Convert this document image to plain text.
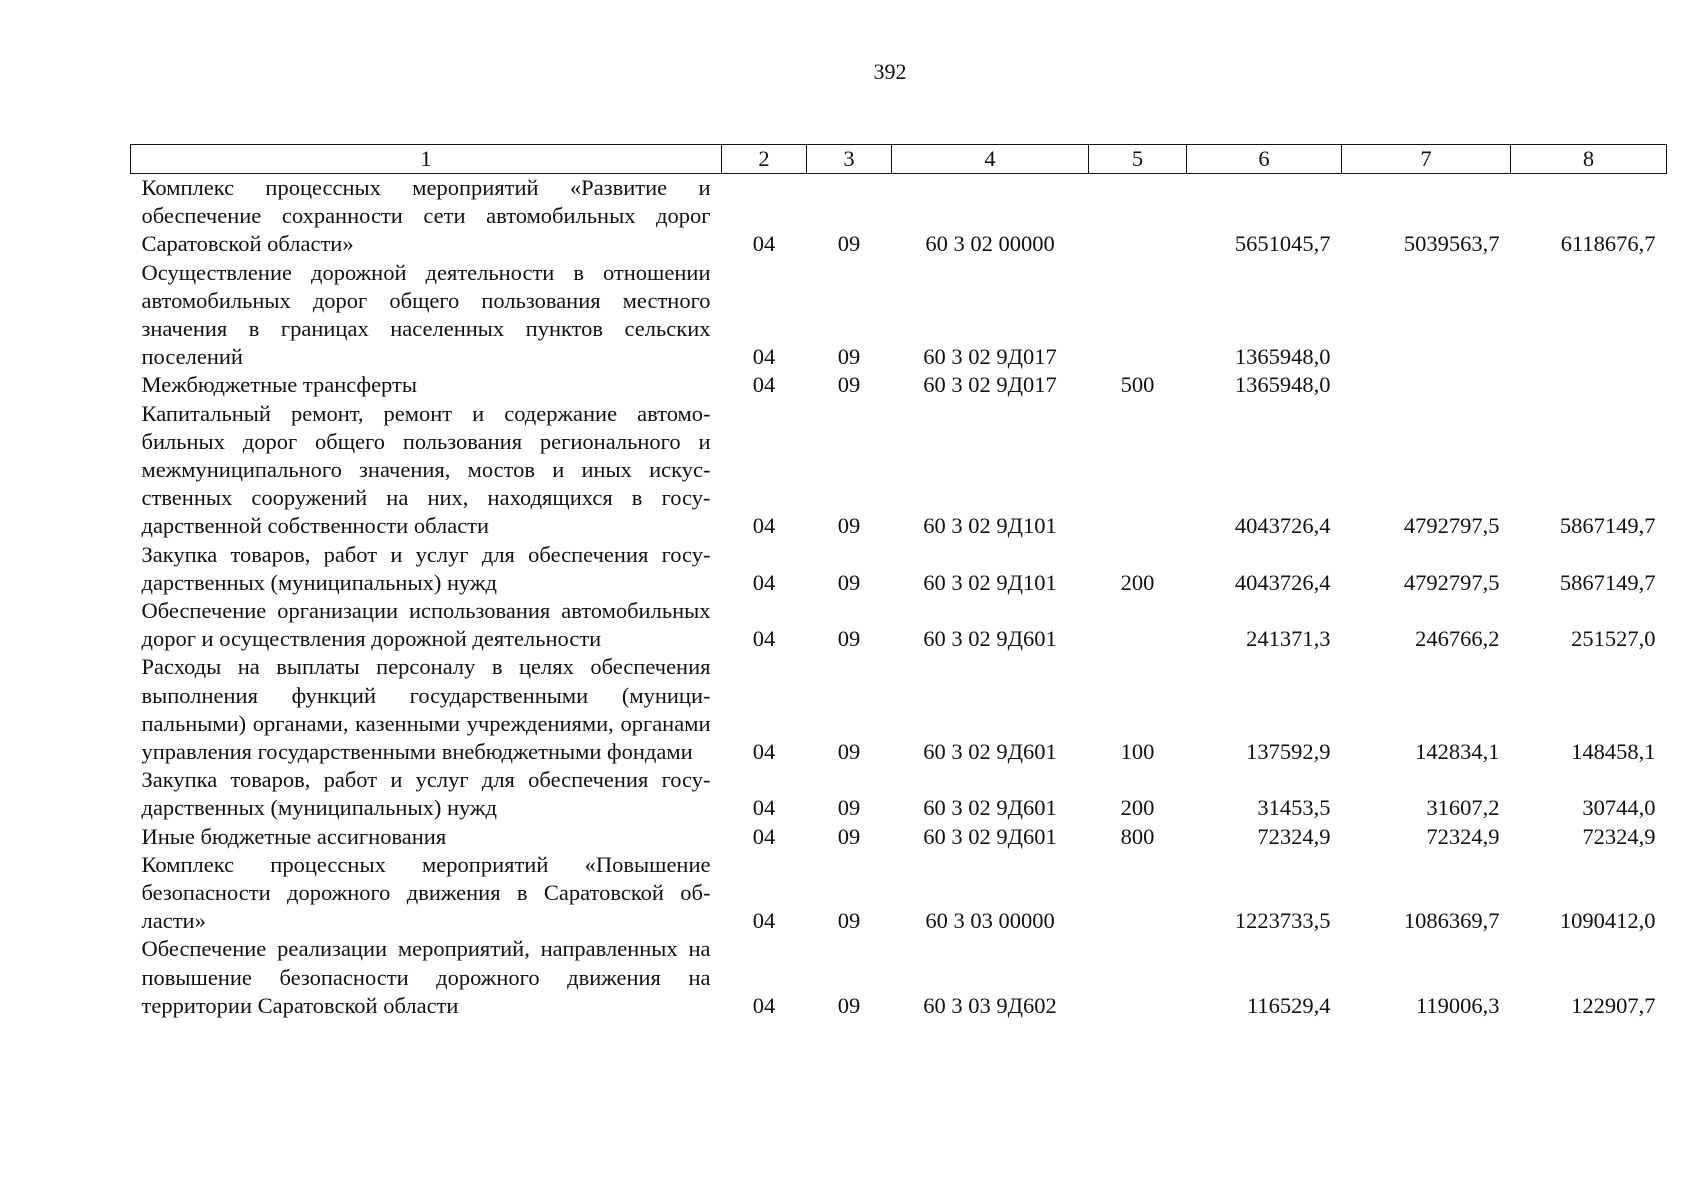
392
1	2	3	4	5	6	7	8
Комплекс процессных мероприятий «Развитие и обеспечение сохранности сети автомобильных дорог Саратовской области»	04	09	60 3 02 00000		5651045,7	5039563,7	6118676,7
Осуществление дорожной деятельности в отношении автомобильных дорог общего пользования местного значения в границах населенных пунктов сельских поселений	04	09	60 3 02 9Д017		1365948,0		
Межбюджетные трансферты	04	09	60 3 02 9Д017	500	1365948,0		
Капитальный ремонт, ремонт и содержание автомобильных дорог общего пользования регионального и межмуниципального значения, мостов и иных искусственных сооружений на них, находящихся в государственной собственности области	04	09	60 3 02 9Д101		4043726,4	4792797,5	5867149,7
Закупка товаров, работ и услуг для обеспечения государственных (муниципальных) нужд	04	09	60 3 02 9Д101	200	4043726,4	4792797,5	5867149,7
Обеспечение организации использования автомобильных дорог и осуществления дорожной деятельности	04	09	60 3 02 9Д601		241371,3	246766,2	251527,0
Расходы на выплаты персоналу в целях обеспечения выполнения функций государственными (муниципальными) органами, казенными учреждениями, органами управления государственными внебюджетными фондами	04	09	60 3 02 9Д601	100	137592,9	142834,1	148458,1
Закупка товаров, работ и услуг для обеспечения государственных (муниципальных) нужд	04	09	60 3 02 9Д601	200	31453,5	31607,2	30744,0
Иные бюджетные ассигнования	04	09	60 3 02 9Д601	800	72324,9	72324,9	72324,9
Комплекс процессных мероприятий «Повышение безопасности дорожного движения в Саратовской области»	04	09	60 3 03 00000		1223733,5	1086369,7	1090412,0
Обеспечение реализации мероприятий, направленных на повышение безопасности дорожного движения на территории Саратовской области	04	09	60 3 03 9Д602		116529,4	119006,3	122907,7
